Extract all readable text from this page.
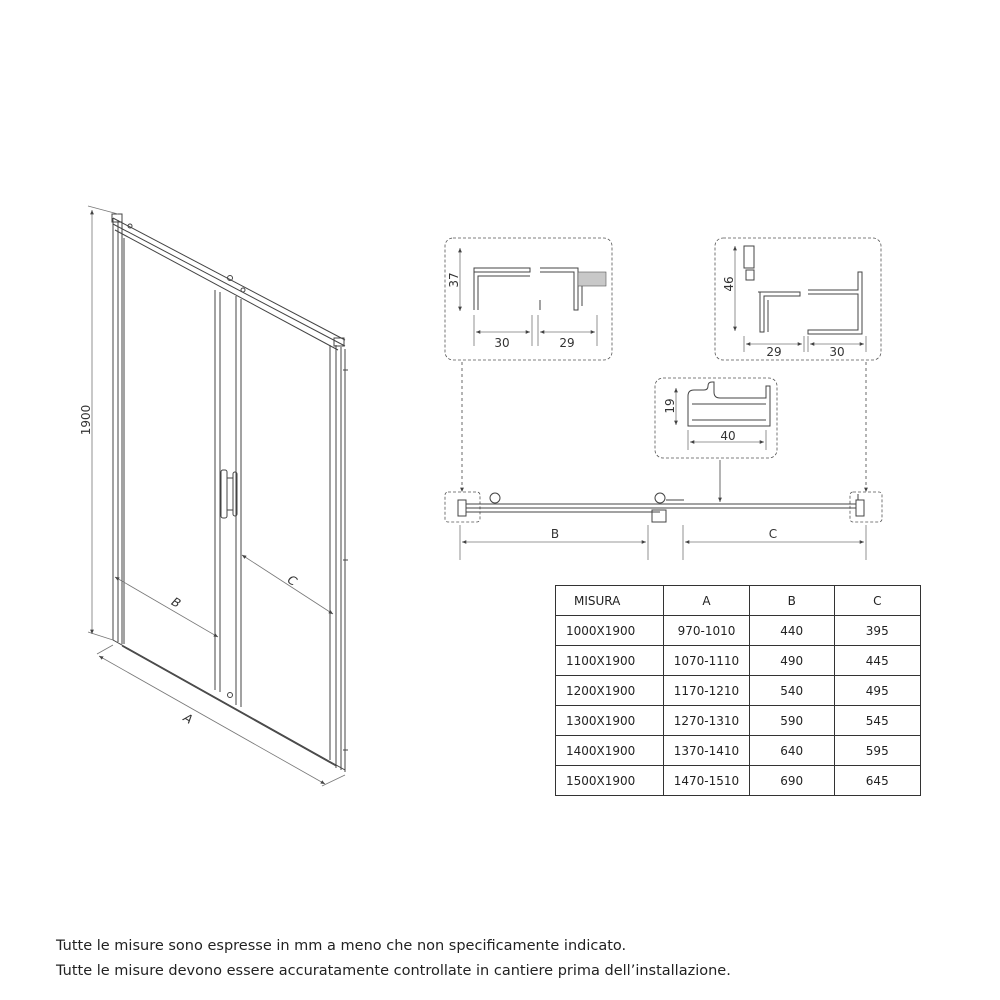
1900
A
B
C
37
30	29
46
29	30
19
40
B	C
MISURA	A	B	C
1000X1900	970-1010	440	395
1100X1900	1070-1110	490	445
1200X1900	1170-1210	540	495
1300X1900	1270-1310	590	545
1400X1900	1370-1410	640	595
1500X1900	1470-1510	690	645

Tutte le misure sono espresse in mm a meno che non specificamente indicato.

Tutte le misure devono essere accuratamente controllate in cantiere prima dell’installazione.
